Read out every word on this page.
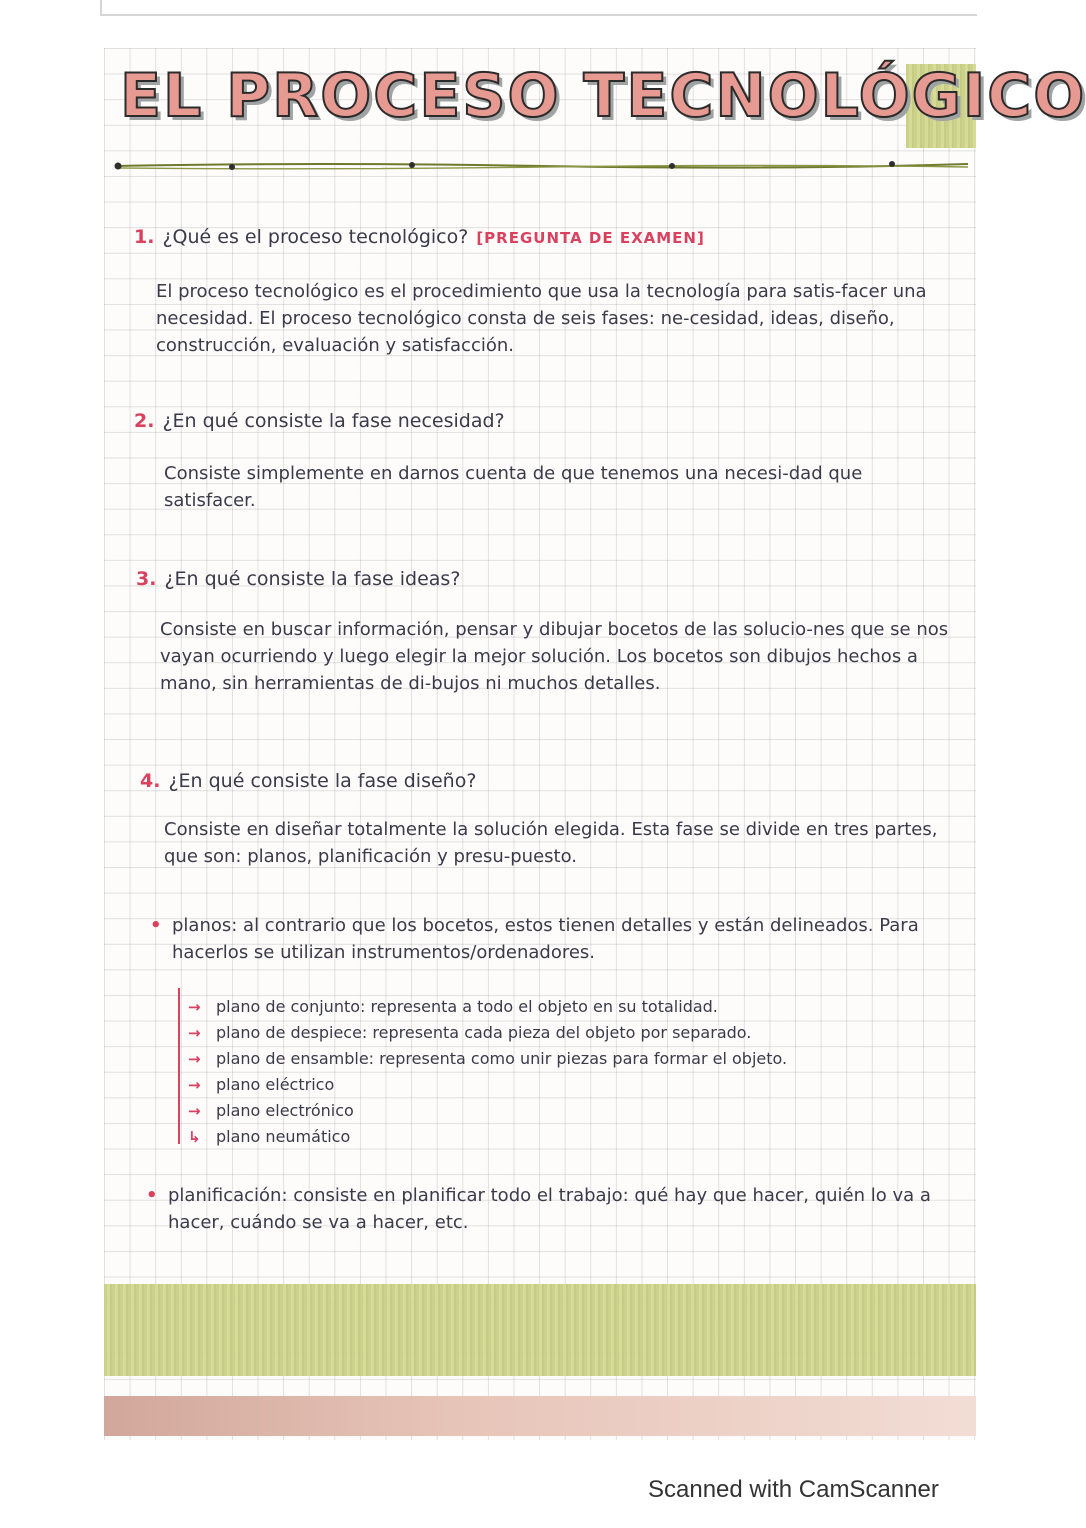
EL PROCESO TECNOLÓGICO

1. ¿Qué es el proceso tecnológico? [PREGUNTA DE EXAMEN]

El proceso tecnológico es el procedimiento que usa la tecnología para satis-facer una necesidad. El proceso tecnológico consta de seis fases: ne-cesidad, ideas, diseño, construcción, evaluación y satisfacción.

2. ¿En qué consiste la fase necesidad?

Consiste simplemente en darnos cuenta de que tenemos una necesi-dad que satisfacer.

3. ¿En qué consiste la fase ideas?

Consiste en buscar información, pensar y dibujar bocetos de las solucio-nes que se nos vayan ocurriendo y luego elegir la mejor solución. Los bocetos son dibujos hechos a mano, sin herramientas de di-bujos ni muchos detalles.

4. ¿En qué consiste la fase diseño?

Consiste en diseñar totalmente la solución elegida. Esta fase se divide en tres partes, que son: planos, planificación y presu-puesto.

• planos: al contrario que los bocetos, estos tienen detalles y están delineados. Para hacerlos se utilizan instrumentos/ordenadores.

→ plano de conjunto: representa a todo el objeto en su totalidad.
→ plano de despiece: representa cada pieza del objeto por separado.
→ plano de ensamble: representa como unir piezas para formar el objeto.
→ plano eléctrico
→ plano electrónico
↳ plano neumático

• planificación: consiste en planificar todo el trabajo: qué hay que hacer, quién lo va a hacer, cuándo se va a hacer, etc.

Scanned with CamScanner
